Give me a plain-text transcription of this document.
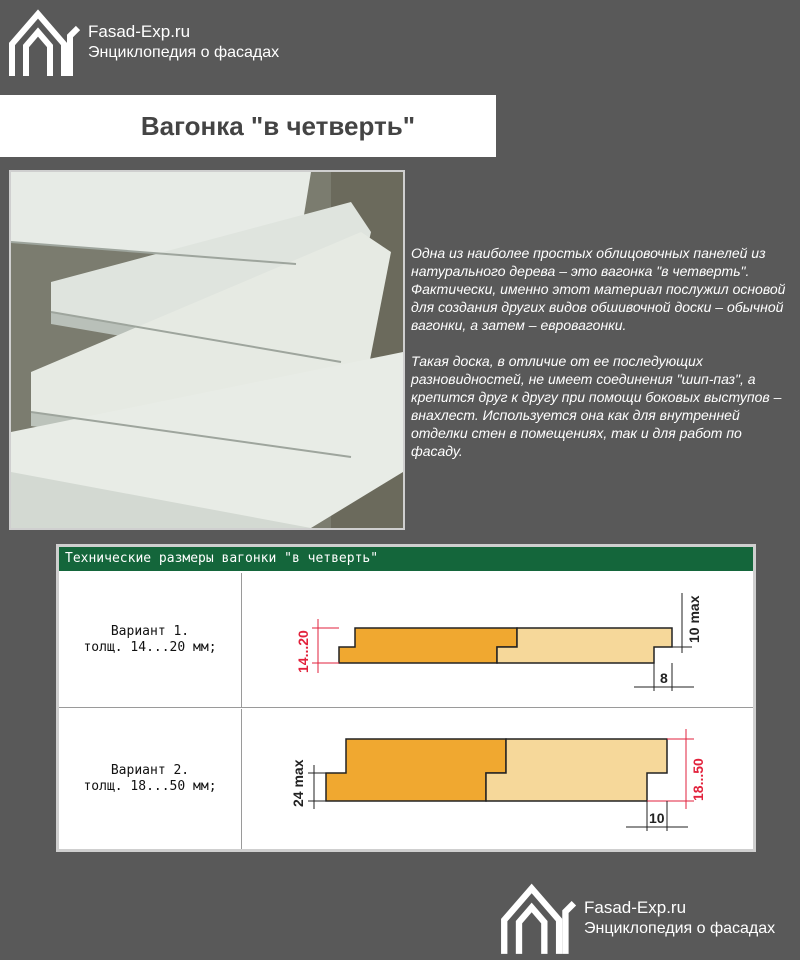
Fasad-Exp.ru
Энциклопедия о фасадах
Вагонка "в четверть"

Одна из наиболее простых облицовочных панелей из натурального дерева – это вагонка "в четверть". Фактически, именно этот материал послужил основой для создания других видов обшивочной доски – обычной вагонки, а затем – евровагонки.

Такая доска, в отличие от ее последующих разновидностей, не имеет соединения "шип-паз", а крепится друг к другу при помощи боковых выступов – внахлест. Используется она как для внутренней отделки стен в помещениях, так и для работ по фасаду.

Технические размеры вагонки "в четверть"
Вариант 1.
толщ. 14...20 мм;	14...20
10 max
8
Вариант 2.
толщ. 18...50 мм;	24 max	18...50
10
Fasad-Exp.ru
Энциклопедия о фасадах
